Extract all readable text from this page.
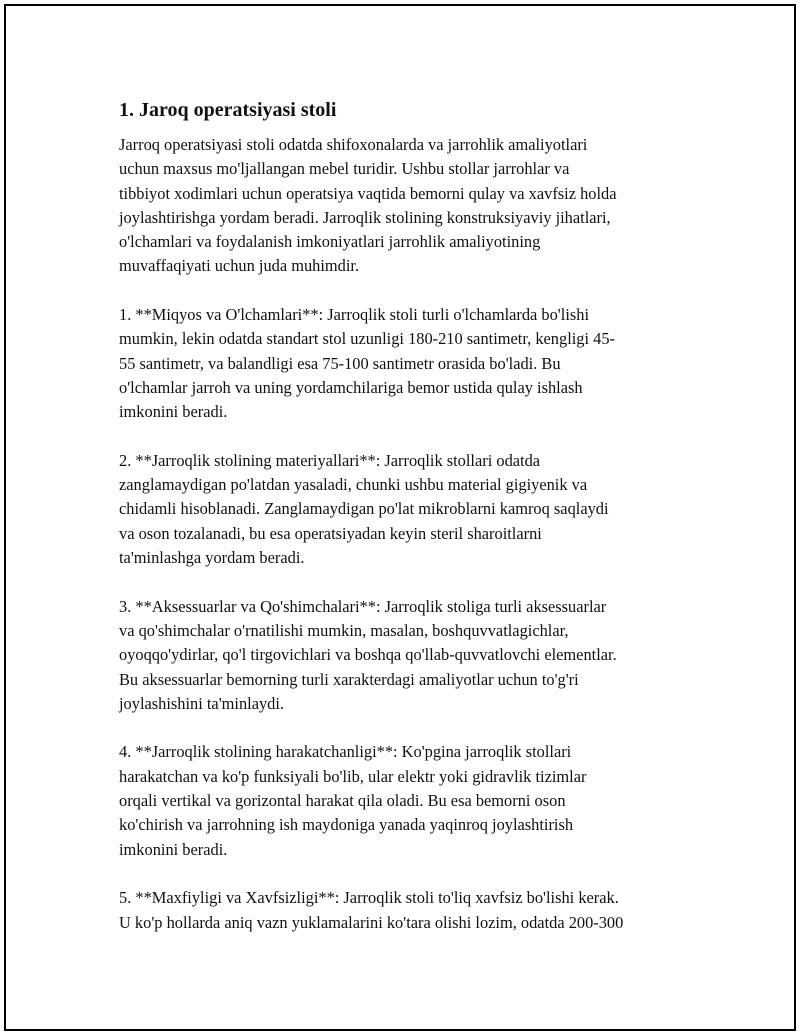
1. Jaroq operatsiyasi stoli

Jarroq operatsiyasi stoli odatda shifoxonalarda va jarrohlik amaliyotlari
uchun maxsus mo'ljallangan mebel turidir. Ushbu stollar jarrohlar va
tibbiyot xodimlari uchun operatsiya vaqtida bemorni qulay va xavfsiz holda
joylashtirishga yordam beradi. Jarroqlik stolining konstruksiyaviy jihatlari,
o'lchamlari va foydalanish imkoniyatlari jarrohlik amaliyotining
muvaffaqiyati uchun juda muhimdir.

1. **Miqyos va O'lchamlari**: Jarroqlik stoli turli o'lchamlarda bo'lishi
mumkin, lekin odatda standart stol uzunligi 180-210 santimetr, kengligi 45-
55 santimetr, va balandligi esa 75-100 santimetr orasida bo'ladi. Bu
o'lchamlar jarroh va uning yordamchilariga bemor ustida qulay ishlash
imkonini beradi.

2. **Jarroqlik stolining materiyallari**: Jarroqlik stollari odatda
zanglamaydigan po'latdan yasaladi, chunki ushbu material gigiyenik va
chidamli hisoblanadi. Zanglamaydigan po'lat mikroblarni kamroq saqlaydi
va oson tozalanadi, bu esa operatsiyadan keyin steril sharoitlarni
ta'minlashga yordam beradi.

3. **Aksessuarlar va Qo'shimchalari**: Jarroqlik stoliga turli aksessuarlar
va qo'shimchalar o'rnatilishi mumkin, masalan, boshquvvatlagichlar,
oyoqqo'ydirlar, qo'l tirgovichlari va boshqa qo'llab-quvvatlovchi elementlar.
Bu aksessuarlar bemorning turli xarakterdagi amaliyotlar uchun to'g'ri
joylashishini ta'minlaydi.

4. **Jarroqlik stolining harakatchanligi**: Ko'pgina jarroqlik stollari
harakatchan va ko'p funksiyali bo'lib, ular elektr yoki gidravlik tizimlar
orqali vertikal va gorizontal harakat qila oladi. Bu esa bemorni oson
ko'chirish va jarrohning ish maydoniga yanada yaqinroq joylashtirish
imkonini beradi.

5. **Maxfiyligi va Xavfsizligi**: Jarroqlik stoli to'liq xavfsiz bo'lishi kerak.
U ko'p hollarda aniq vazn yuklamalarini ko'tara olishi lozim, odatda 200-300
